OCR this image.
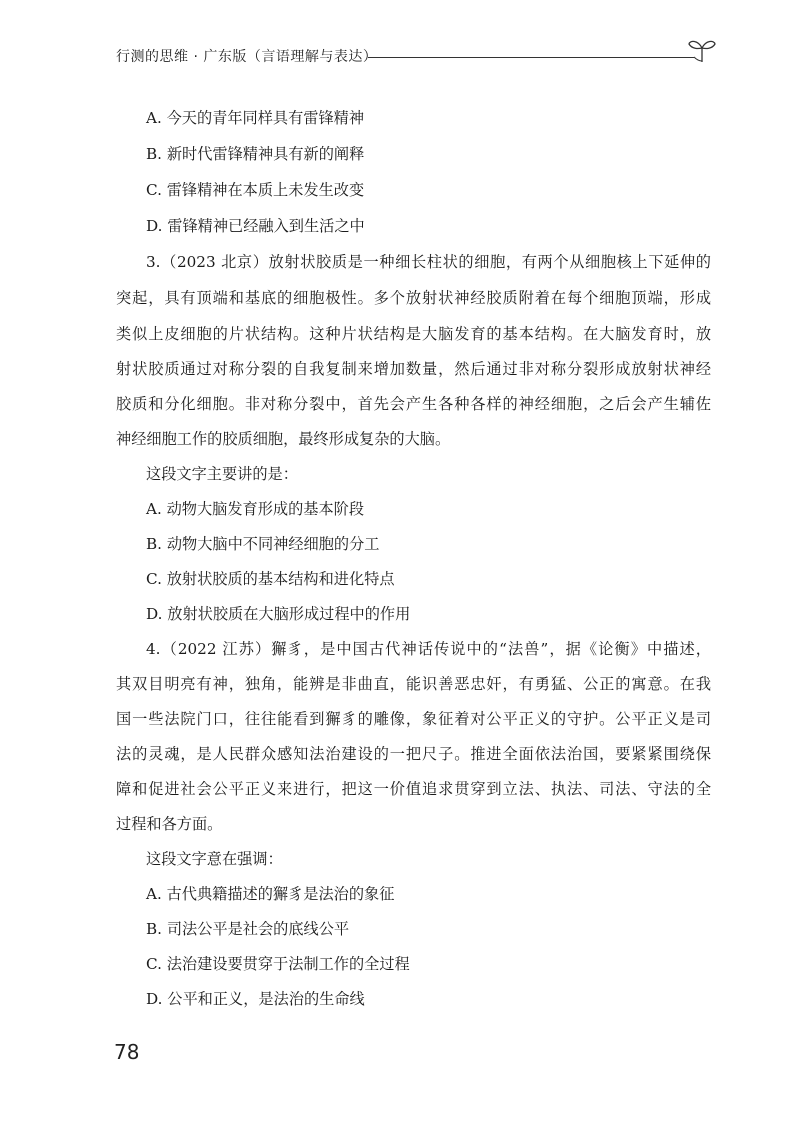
行测的思维 · 广东版（言语理解与表达）

A. 今天的青年同样具有雷锋精神

B. 新时代雷锋精神具有新的阐释

C. 雷锋精神在本质上未发生改变

D. 雷锋精神已经融入到生活之中

3.（2023 北京）放射状胶质是一种细长柱状的细胞，有两个从细胞核上下延伸的

突起，具有顶端和基底的细胞极性。多个放射状神经胶质附着在每个细胞顶端，形成

类似上皮细胞的片状结构。这种片状结构是大脑发育的基本结构。在大脑发育时，放

射状胶质通过对称分裂的自我复制来增加数量，然后通过非对称分裂形成放射状神经

胶质和分化细胞。非对称分裂中，首先会产生各种各样的神经细胞，之后会产生辅佐

神经细胞工作的胶质细胞，最终形成复杂的大脑。

这段文字主要讲的是：

A. 动物大脑发育形成的基本阶段

B. 动物大脑中不同神经细胞的分工

C. 放射状胶质的基本结构和进化特点

D. 放射状胶质在大脑形成过程中的作用

4.（2022 江苏）獬豸，是中国古代神话传说中的“法兽”，据《论衡》中描述，

其双目明亮有神，独角，能辨是非曲直，能识善恶忠奸，有勇猛、公正的寓意。在我

国一些法院门口，往往能看到獬豸的雕像，象征着对公平正义的守护。公平正义是司

法的灵魂，是人民群众感知法治建设的一把尺子。推进全面依法治国，要紧紧围绕保

障和促进社会公平正义来进行，把这一价值追求贯穿到立法、执法、司法、守法的全

过程和各方面。

这段文字意在强调：

A. 古代典籍描述的獬豸是法治的象征

B. 司法公平是社会的底线公平

C. 法治建设要贯穿于法制工作的全过程

D. 公平和正义，是法治的生命线

78
